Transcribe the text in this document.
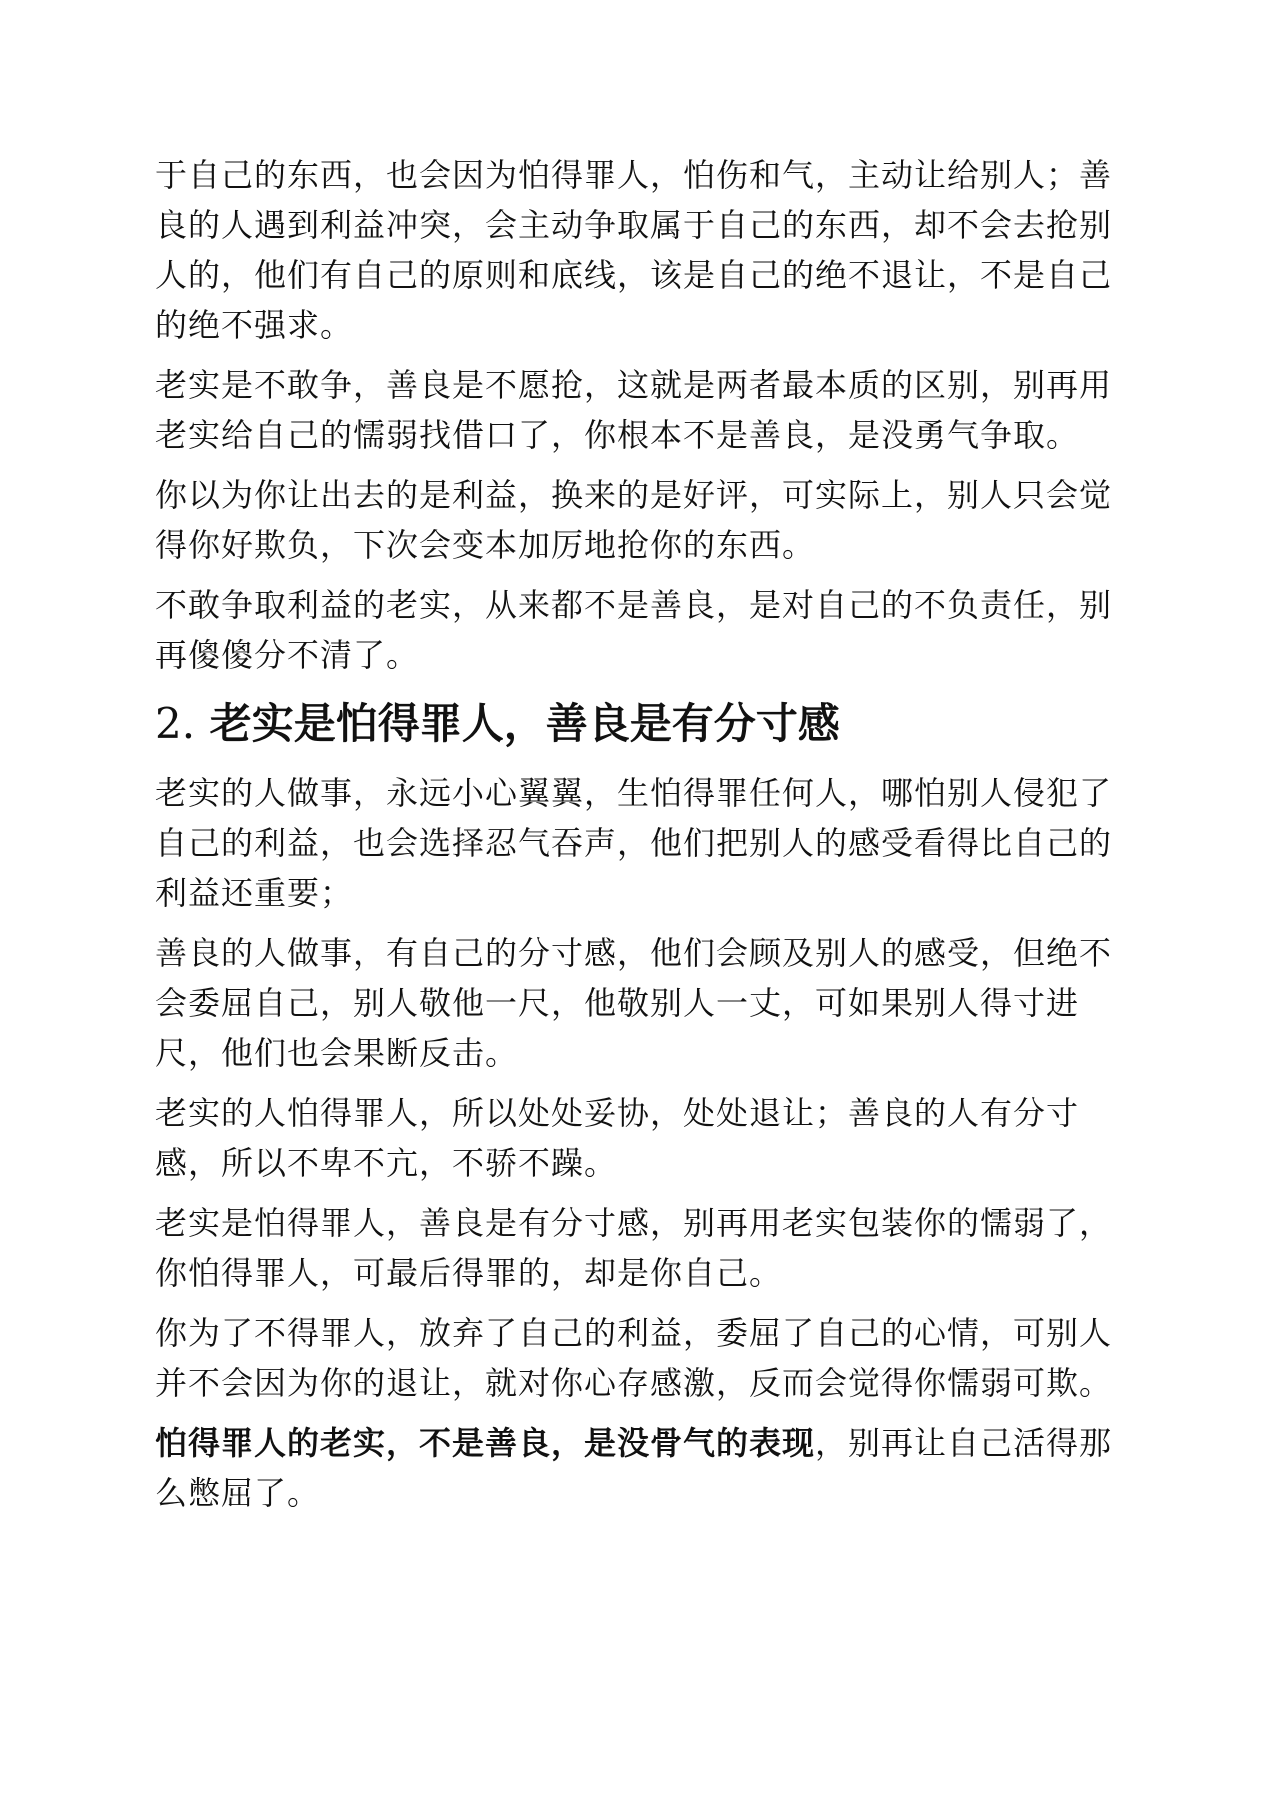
于自己的东西，也会因为怕得罪人，怕伤和气，主动让给别人；善良的人遇到利益冲突，会主动争取属于自己的东西，却不会去抢别人的，他们有自己的原则和底线，该是自己的绝不退让，不是自己的绝不强求。

老实是不敢争，善良是不愿抢，这就是两者最本质的区别，别再用老实给自己的懦弱找借口了，你根本不是善良，是没勇气争取。

你以为你让出去的是利益，换来的是好评，可实际上，别人只会觉得你好欺负，下次会变本加厉地抢你的东西。

不敢争取利益的老实，从来都不是善良，是对自己的不负责任，别再傻傻分不清了。

2. 老实是怕得罪人，善良是有分寸感

老实的人做事，永远小心翼翼，生怕得罪任何人，哪怕别人侵犯了自己的利益，也会选择忍气吞声，他们把别人的感受看得比自己的利益还重要；

善良的人做事，有自己的分寸感，他们会顾及别人的感受，但绝不会委屈自己，别人敬他一尺，他敬别人一丈，可如果别人得寸进尺，他们也会果断反击。

老实的人怕得罪人，所以处处妥协，处处退让；善良的人有分寸感，所以不卑不亢，不骄不躁。

老实是怕得罪人，善良是有分寸感，别再用老实包装你的懦弱了，你怕得罪人，可最后得罪的，却是你自己。

你为了不得罪人，放弃了自己的利益，委屈了自己的心情，可别人并不会因为你的退让，就对你心存感激，反而会觉得你懦弱可欺。

怕得罪人的老实，不是善良，是没骨气的表现，别再让自己活得那么憋屈了。
